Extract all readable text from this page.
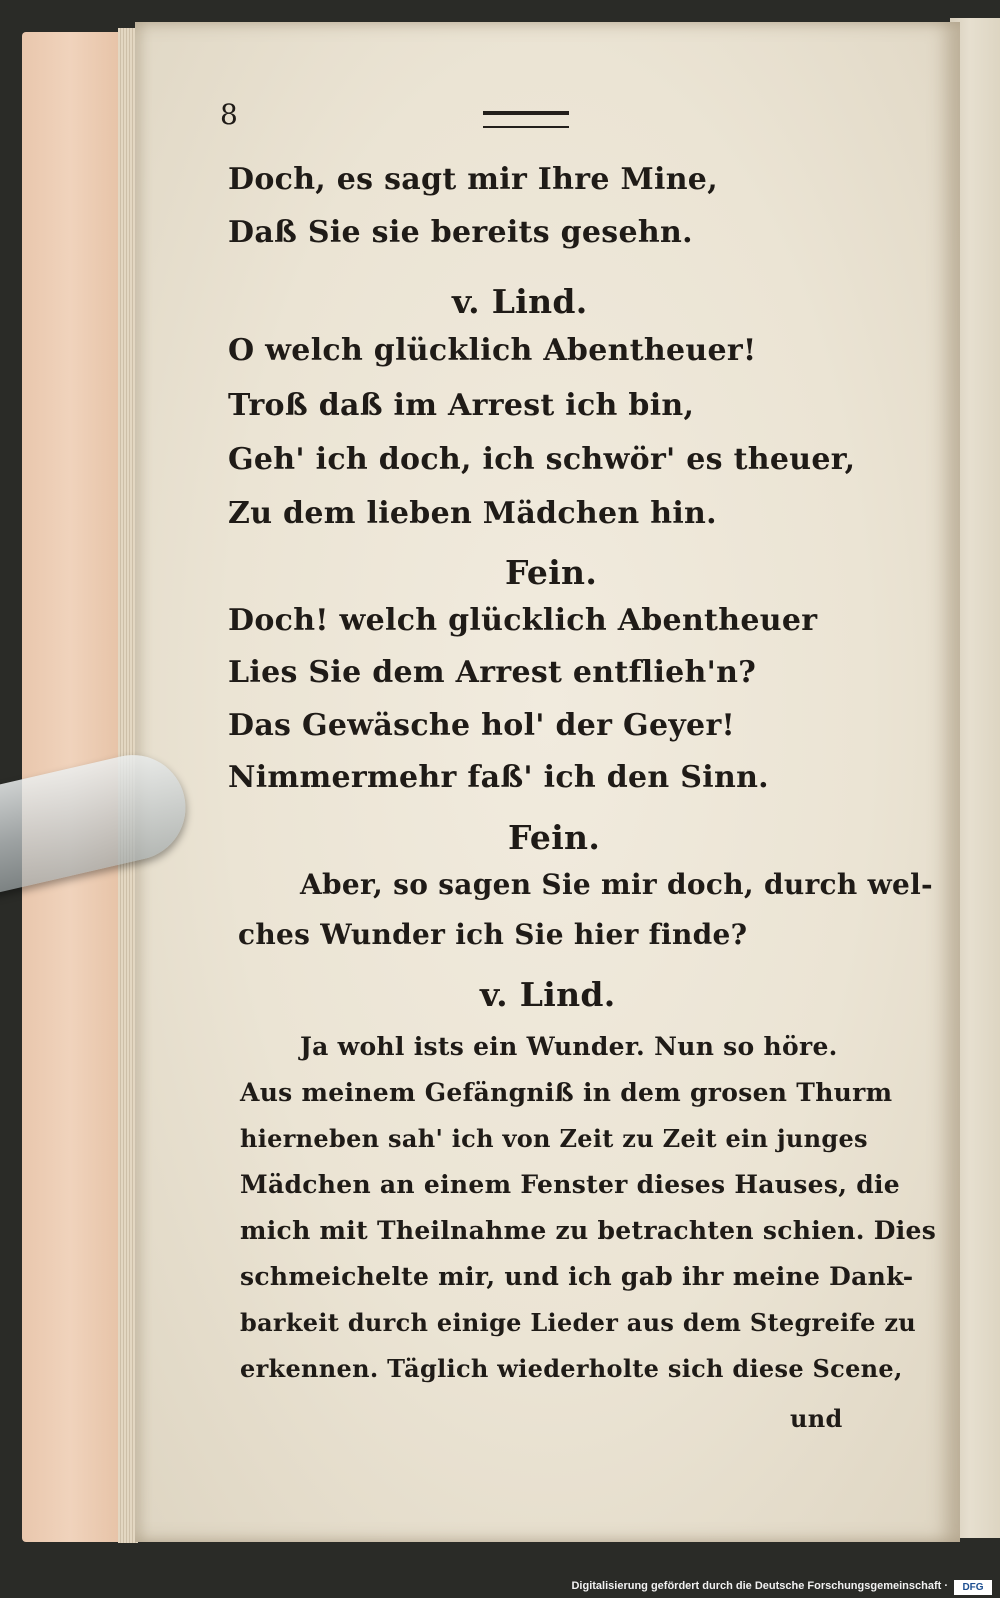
8
Doch, es sagt mir Ihre Mine,
Daß Sie sie bereits gesehn.
v. Lind.
O welch glücklich Abentheuer!
Troß daß im Arrest ich bin,
Geh' ich doch, ich schwör' es theuer,
Zu dem lieben Mädchen hin.
Fein.
Doch! welch glücklich Abentheuer
Lies Sie dem Arrest entflieh'n?
Das Gewäsche hol' der Geyer!
Nimmermehr faß' ich den Sinn.
Fein.
Aber, so sagen Sie mir doch, durch wel-
ches Wunder ich Sie hier finde?
v. Lind.
Ja wohl ists ein Wunder. Nun so höre.
Aus meinem Gefängniß in dem grosen Thurm
hierneben sah' ich von Zeit zu Zeit ein junges
Mädchen an einem Fenster dieses Hauses, die
mich mit Theilnahme zu betrachten schien. Dies
schmeichelte mir, und ich gab ihr meine Dank-
barkeit durch einige Lieder aus dem Stegreife zu
erkennen. Täglich wiederholte sich diese Scene,
und
Digitalisierung gefördert durch die Deutsche Forschungsgemeinschaft ·	DFG
